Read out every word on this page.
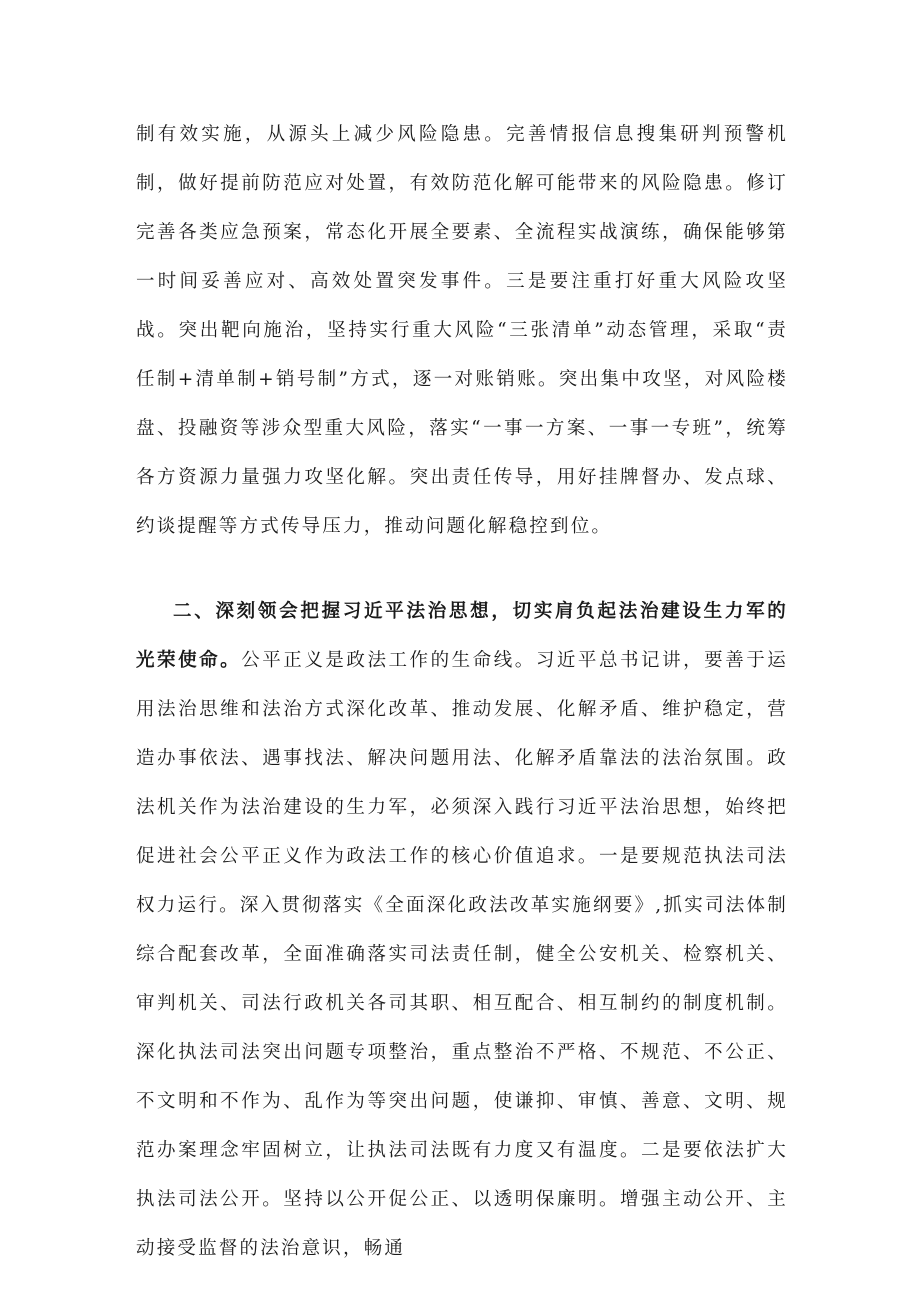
制有效实施，从源头上减少风险隐患。完善情报信息搜集研判预警机制，做好提前防范应对处置，有效防范化解可能带来的风险隐患。修订完善各类应急预案，常态化开展全要素、全流程实战演练，确保能够第一时间妥善应对、高效处置突发事件。三是要注重打好重大风险攻坚战。突出靶向施治，坚持实行重大风险“三张清单”动态管理，采取“责任制+清单制+销号制”方式，逐一对账销账。突出集中攻坚，对风险楼盘、投融资等涉众型重大风险，落实“一事一方案、一事一专班”，统筹各方资源力量强力攻坚化解。突出责任传导，用好挂牌督办、发点球、约谈提醒等方式传导压力，推动问题化解稳控到位。

二、深刻领会把握习近平法治思想，切实肩负起法治建设生力军的光荣使命。公平正义是政法工作的生命线。习近平总书记讲，要善于运用法治思维和法治方式深化改革、推动发展、化解矛盾、维护稳定，营造办事依法、遇事找法、解决问题用法、化解矛盾靠法的法治氛围。政法机关作为法治建设的生力军，必须深入践行习近平法治思想，始终把促进社会公平正义作为政法工作的核心价值追求。一是要规范执法司法权力运行。深入贯彻落实《全面深化政法改革实施纲要》,抓实司法体制综合配套改革，全面准确落实司法责任制，健全公安机关、检察机关、审判机关、司法行政机关各司其职、相互配合、相互制约的制度机制。深化执法司法突出问题专项整治，重点整治不严格、不规范、不公正、不文明和不作为、乱作为等突出问题，使谦抑、审慎、善意、文明、规范办案理念牢固树立，让执法司法既有力度又有温度。二是要依法扩大执法司法公开。坚持以公开促公正、以透明保廉明。增强主动公开、主动接受监督的法治意识，畅通
